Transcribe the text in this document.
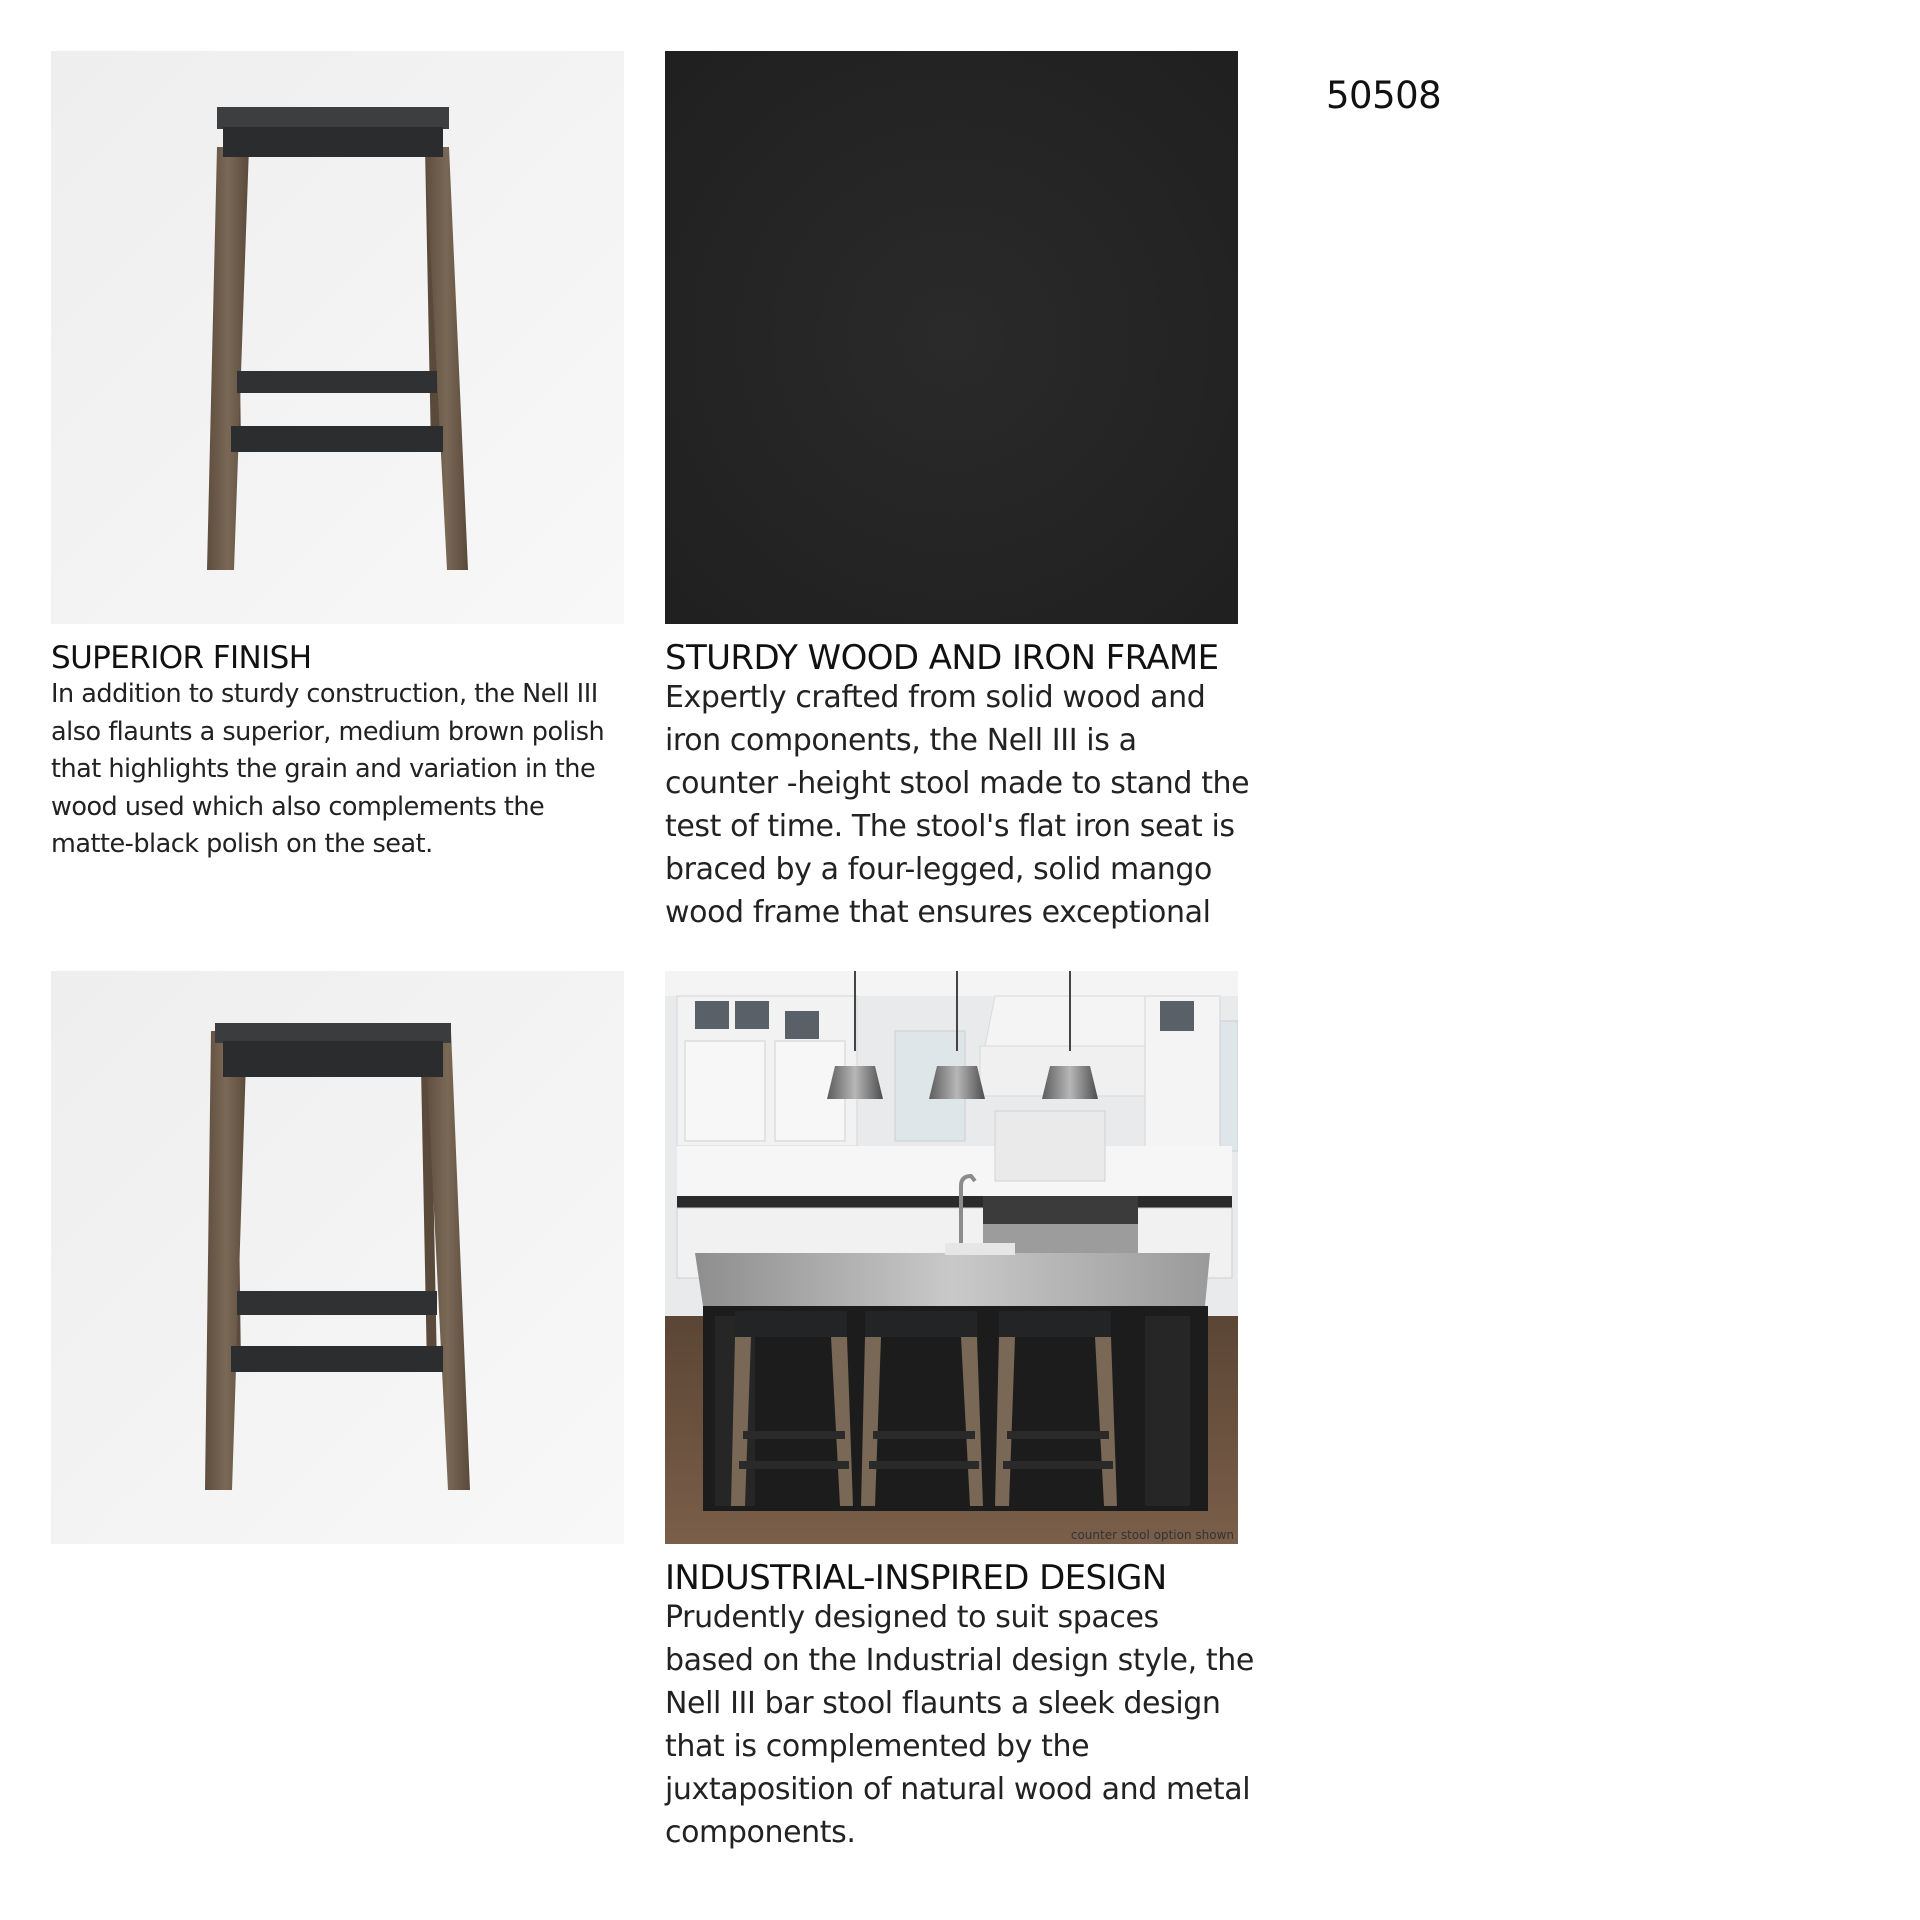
50508
counter stool option shown
SUPERIOR FINISH

In addition to sturdy construction, the Nell III also flaunts a superior, medium brown polish that highlights the grain and variation in the wood used which also complements the matte-black polish on the seat.

STURDY WOOD AND IRON FRAME

Expertly crafted from solid wood and iron components, the Nell III is a counter -height stool made to stand the test of time. The stool's flat iron seat is braced by a four-legged, solid mango wood frame that ensures exceptional

INDUSTRIAL-INSPIRED DESIGN

Prudently designed to suit spaces based on the Industrial design style, the Nell III bar stool flaunts a sleek design that is complemented by the juxtaposition of natural wood and metal components.
